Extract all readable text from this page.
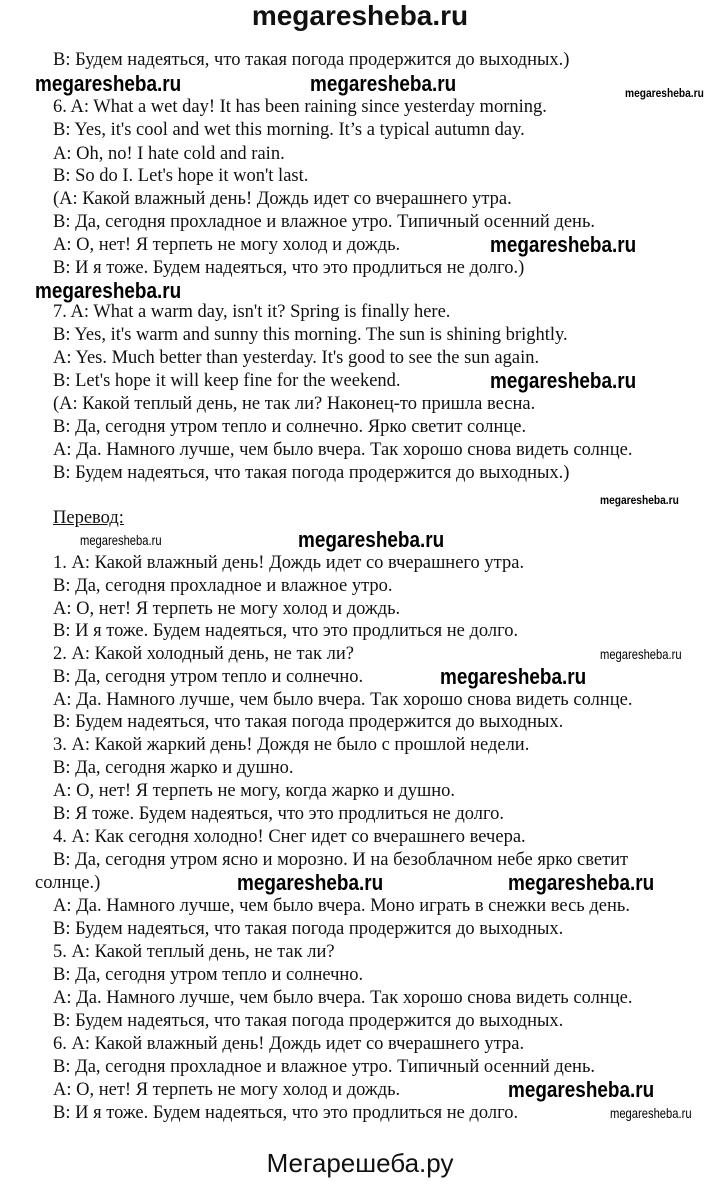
megaresheba.ru
B: Будем надеяться, что такая погода продержится до выходных.)
6. A: What a wet day! It has been raining since yesterday morning.
B: Yes, it's cool and wet this morning. It’s a typical autumn day.
A: Oh, no! I hate cold and rain.
B: So do I. Let's hope it won't last.
(А: Какой влажный день! Дождь идет со вчерашнего утра.
В: Да, сегодня прохладное и влажное утро. Типичный осенний день.
А: О, нет! Я терпеть не могу холод и дождь.
В: И я тоже. Будем надеяться, что это продлиться не долго.)
7. A: What a warm day, isn't it? Spring is finally here.
B: Yes, it's warm and sunny this morning. The sun is shining brightly.
A: Yes. Much better than yesterday. It's good to see the sun again.
B: Let's hope it will keep fine for the weekend.
(А: Какой теплый день, не так ли? Наконец-то пришла весна.
В: Да, сегодня утром тепло и солнечно. Ярко светит солнце.
А: Да. Намного лучше, чем было вчера. Так хорошо снова видеть солнце.
В: Будем надеяться, что такая погода продержится до выходных.)
Перевод:
1. А: Какой влажный день! Дождь идет со вчерашнего утра.
В: Да, сегодня прохладное и влажное утро.
А: О, нет! Я терпеть не могу холод и дождь.
В: И я тоже. Будем надеяться, что это продлиться не долго.
2. А: Какой холодный день, не так ли?
В: Да, сегодня утром тепло и солнечно.
А: Да. Намного лучше, чем было вчера. Так хорошо снова видеть солнце.
В: Будем надеяться, что такая погода продержится до выходных.
3. А: Какой жаркий день! Дождя не было с прошлой недели.
В: Да, сегодня жарко и душно.
А: О, нет! Я терпеть не могу, когда жарко и душно.
В: Я тоже. Будем надеяться, что это продлиться не долго.
4. А: Как сегодня холодно! Снег идет со вчерашнего вечера.
В: Да, сегодня утром ясно и морозно. И на безоблачном небе ярко светит
солнце.)
А: Да. Намного лучше, чем было вчера. Моно играть в снежки весь день.
В: Будем надеяться, что такая погода продержится до выходных.
5. А: Какой теплый день, не так ли?
В: Да, сегодня утром тепло и солнечно.
А: Да. Намного лучше, чем было вчера. Так хорошо снова видеть солнце.
В: Будем надеяться, что такая погода продержится до выходных.
6. А: Какой влажный день! Дождь идет со вчерашнего утра.
В: Да, сегодня прохладное и влажное утро. Типичный осенний день.
А: О, нет! Я терпеть не могу холод и дождь.
В: И я тоже. Будем надеяться, что это продлиться не долго.
megaresheba.ru	megaresheba.ru	megaresheba.ru
megaresheba.ru
megaresheba.ru
megaresheba.ru
megaresheba.ru
megaresheba.ru	megaresheba.ru
megaresheba.ru
megaresheba.ru
megaresheba.ru	megaresheba.ru
megaresheba.ru
megaresheba.ru
Мегарешеба.ру
